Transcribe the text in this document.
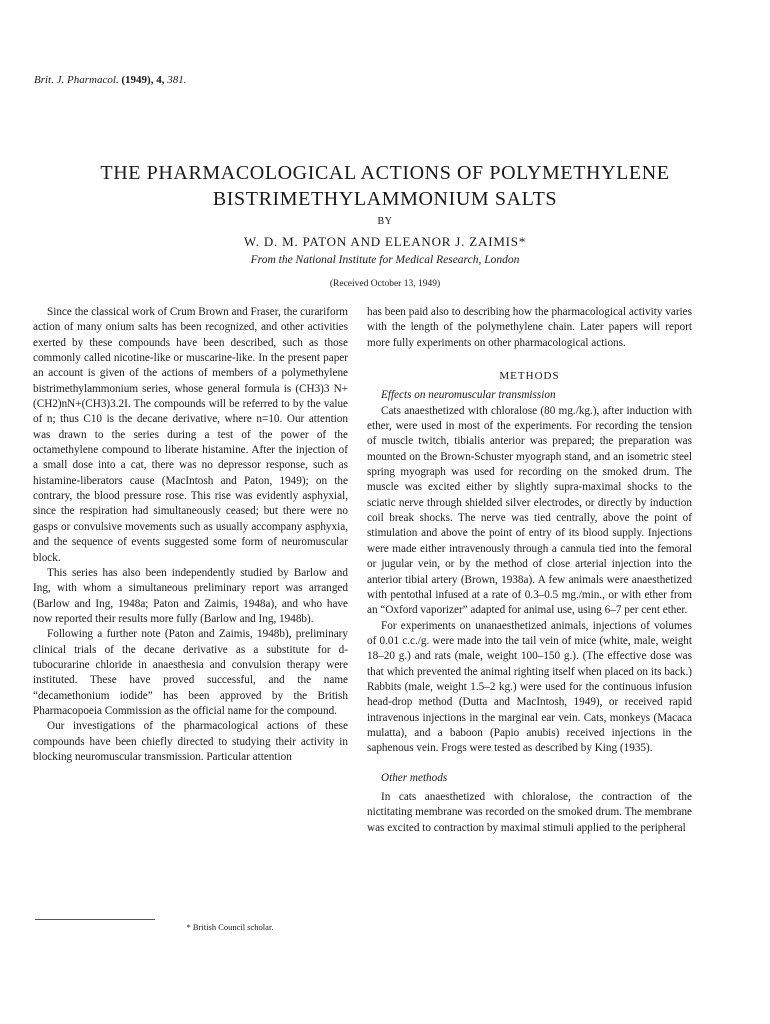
Brit. J. Pharmacol. (1949), 4, 381.
THE PHARMACOLOGICAL ACTIONS OF POLYMETHYLENE
BISTRIMETHYLAMMONIUM SALTS
BY
W. D. M. PATON AND ELEANOR J. ZAIMIS*
From the National Institute for Medical Research, London
(Received October 13, 1949)

Since the classical work of Crum Brown and Fraser, the curariform action of many onium salts has been recognized, and other activities exerted by these compounds have been described, such as those commonly called nicotine-like or muscarine-like. In the present paper an account is given of the actions of members of a polymethylene bistrimethylammonium series, whose general formula is (CH3)3 N+(CH2)nN+(CH3)3.2I. The compounds will be referred to by the value of n; thus C10 is the decane derivative, where n=10. Our attention was drawn to the series during a test of the power of the octamethylene compound to liberate histamine. After the injection of a small dose into a cat, there was no depressor response, such as histamine-liberators cause (MacIntosh and Paton, 1949); on the contrary, the blood pressure rose. This rise was evidently asphyxial, since the respiration had simultaneously ceased; but there were no gasps or convulsive movements such as usually accompany asphyxia, and the sequence of events suggested some form of neuromuscular block.

This series has also been independently studied by Barlow and Ing, with whom a simultaneous preliminary report was arranged (Barlow and Ing, 1948a; Paton and Zaimis, 1948a), and who have now reported their results more fully (Barlow and Ing, 1948b).

Following a further note (Paton and Zaimis, 1948b), preliminary clinical trials of the decane derivative as a substitute for d-tubocurarine chloride in anaesthesia and convulsion therapy were instituted. These have proved successful, and the name “decamethonium iodide” has been approved by the British Pharmacopoeia Commission as the official name for the compound.

Our investigations of the pharmacological actions of these compounds have been chiefly directed to studying their activity in blocking neuromuscular transmission. Particular attention

has been paid also to describing how the pharmacological activity varies with the length of the polymethylene chain. Later papers will report more fully experiments on other pharmacological actions.

METHODS

Effects on neuromuscular transmission

Cats anaesthetized with chloralose (80 mg./kg.), after induction with ether, were used in most of the experiments. For recording the tension of muscle twitch, tibialis anterior was prepared; the preparation was mounted on the Brown-Schuster myograph stand, and an isometric steel spring myograph was used for recording on the smoked drum. The muscle was excited either by slightly supra-maximal shocks to the sciatic nerve through shielded silver electrodes, or directly by induction coil break shocks. The nerve was tied centrally, above the point of stimulation and above the point of entry of its blood supply. Injections were made either intravenously through a cannula tied into the femoral or jugular vein, or by the method of close arterial injection into the anterior tibial artery (Brown, 1938a). A few animals were anaesthetized with pentothal infused at a rate of 0.3–0.5 mg./min., or with ether from an “Oxford vaporizer” adapted for animal use, using 6–7 per cent ether.

For experiments on unanaesthetized animals, injections of volumes of 0.01 c.c./g. were made into the tail vein of mice (white, male, weight 18–20 g.) and rats (male, weight 100–150 g.). (The effective dose was that which prevented the animal righting itself when placed on its back.) Rabbits (male, weight 1.5–2 kg.) were used for the continuous infusion head-drop method (Dutta and MacIntosh, 1949), or received rapid intravenous injections in the marginal ear vein. Cats, monkeys (Macaca mulatta), and a baboon (Papio anubis) received injections in the saphenous vein. Frogs were tested as described by King (1935).

Other methods

In cats anaesthetized with chloralose, the contraction of the nictitating membrane was recorded on the smoked drum. The membrane was excited to contraction by maximal stimuli applied to the peripheral

* British Council scholar.
